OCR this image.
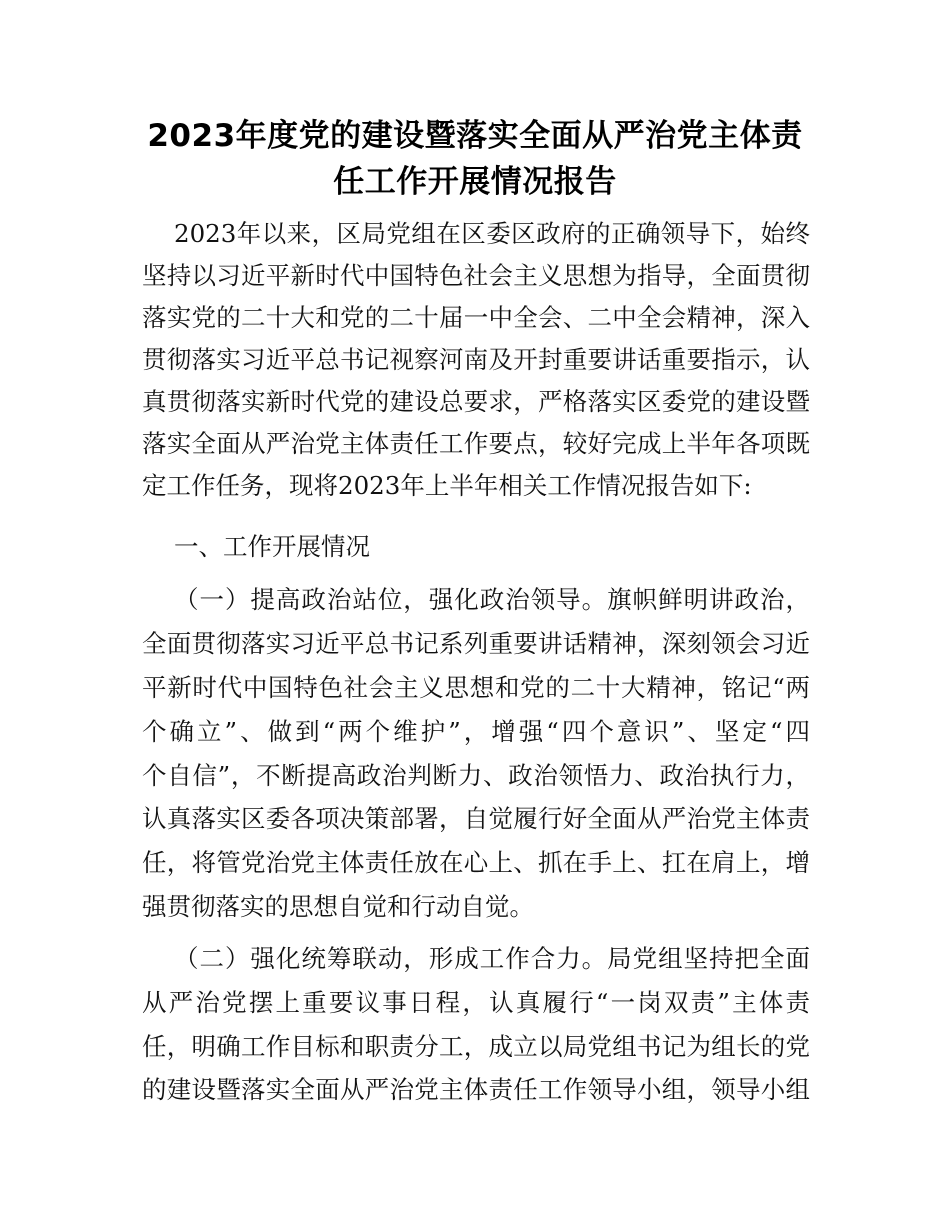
2023年度党的建设暨落实全面从严治党主体责
任工作开展情况报告
2023年以来，区局党组在区委区政府的正确领导下，始终
坚持以习近平新时代中国特色社会主义思想为指导，全面贯彻
落实党的二十大和党的二十届一中全会、二中全会精神，深入
贯彻落实习近平总书记视察河南及开封重要讲话重要指示，认
真贯彻落实新时代党的建设总要求，严格落实区委党的建设暨
落实全面从严治党主体责任工作要点，较好完成上半年各项既
定工作任务，现将2023年上半年相关工作情况报告如下:
一、工作开展情况
（一）提高政治站位，强化政治领导。旗帜鲜明讲政治，
全面贯彻落实习近平总书记系列重要讲话精神，深刻领会习近
平新时代中国特色社会主义思想和党的二十大精神，铭记“两
个确立”、做到“两个维护”，增强“四个意识”、坚定“四
个自信”，不断提高政治判断力、政治领悟力、政治执行力，
认真落实区委各项决策部署，自觉履行好全面从严治党主体责
任，将管党治党主体责任放在心上、抓在手上、扛在肩上，增
强贯彻落实的思想自觉和行动自觉。
（二）强化统筹联动，形成工作合力。局党组坚持把全面
从严治党摆上重要议事日程，认真履行“一岗双责”主体责
任，明确工作目标和职责分工，成立以局党组书记为组长的党
的建设暨落实全面从严治党主体责任工作领导小组，领导小组
